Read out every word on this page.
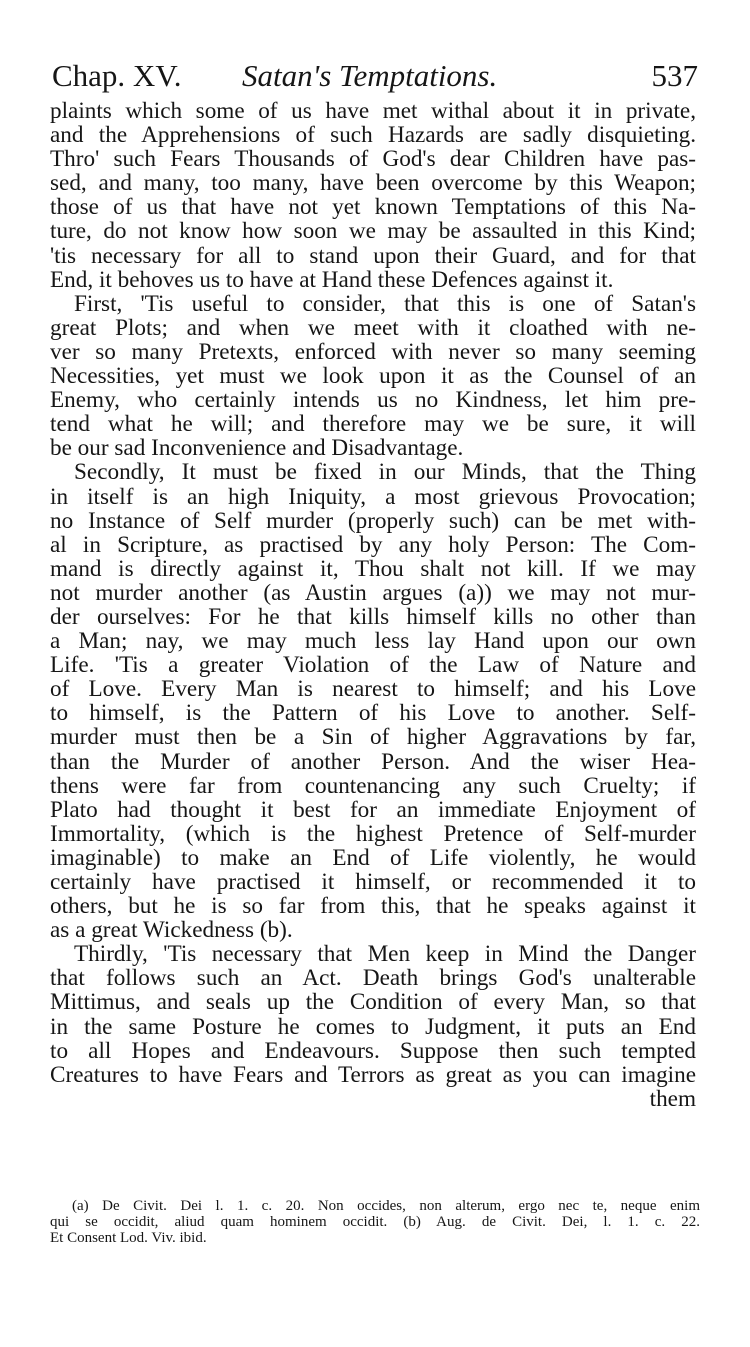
Chap. XV. Satan's Temptations.	537
plaints which some of us have met withal about it in private,
and the Apprehensions of such Hazards are sadly disquieting.
Thro' such Fears Thousands of God's dear Children have pas-
sed, and many, too many, have been overcome by this Weapon;
those of us that have not yet known Temptations of this Na-
ture, do not know how soon we may be assaulted in this Kind;
'tis necessary for all to stand upon their Guard, and for that
End, it behoves us to have at Hand these Defences against it.
First, 'Tis useful to consider, that this is one of Satan's
great Plots; and when we meet with it cloathed with ne-
ver so many Pretexts, enforced with never so many seeming
Necessities, yet must we look upon it as the Counsel of an
Enemy, who certainly intends us no Kindness, let him pre-
tend what he will; and therefore may we be sure, it will
be our sad Inconvenience and Disadvantage.
Secondly, It must be fixed in our Minds, that the Thing
in itself is an high Iniquity, a most grievous Provocation;
no Instance of Self murder (properly such) can be met with-
al in Scripture, as practised by any holy Person: The Com-
mand is directly against it, Thou shalt not kill. If we may
not murder another (as Austin argues (a)) we may not mur-
der ourselves: For he that kills himself kills no other than
a Man; nay, we may much less lay Hand upon our own
Life. 'Tis a greater Violation of the Law of Nature and
of Love. Every Man is nearest to himself; and his Love
to himself, is the Pattern of his Love to another. Self-
murder must then be a Sin of higher Aggravations by far,
than the Murder of another Person. And the wiser Hea-
thens were far from countenancing any such Cruelty; if
Plato had thought it best for an immediate Enjoyment of
Immortality, (which is the highest Pretence of Self-murder
imaginable) to make an End of Life violently, he would
certainly have practised it himself, or recommended it to
others, but he is so far from this, that he speaks against it
as a great Wickedness (b).
Thirdly, 'Tis necessary that Men keep in Mind the Danger
that follows such an Act. Death brings God's unalterable
Mittimus, and seals up the Condition of every Man, so that
in the same Posture he comes to Judgment, it puts an End
to all Hopes and Endeavours. Suppose then such tempted
Creatures to have Fears and Terrors as great as you can imagine
them
(a) De Civit. Dei l. 1. c. 20. Non occides, non alterum, ergo nec te, neque enim
qui se occidit, aliud quam hominem occidit. (b) Aug. de Civit. Dei, l. 1. c. 22.
Et Consent Lod. Viv. ibid.
